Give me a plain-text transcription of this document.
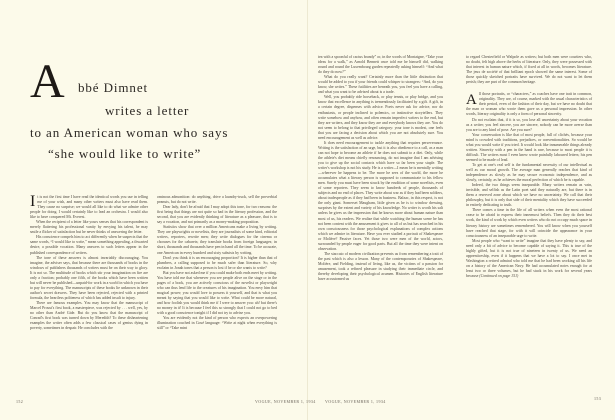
A bbé Dimnet
writes a letter
to an American woman who says
“she would like to write”
I t is not the first time I have read the identical words you use in telling me of your wish, and many other writers must also have read them. They cause no surprise; we would all like to do what we admire other people for doing. I would certainly like to lead an orchestra. I would also like to have conquered Mt. Everest.

When the recipient of a letter like yours senses that his correspondent is merely flattering his professional vanity by envying his talent, he may smile a flicker of satisfaction but he never thinks of answering the letter.

His conscience compels him to act differently when he suspects that the same words, “I would like to write,” mean something appealing, a thwarted desire, a possible vocation. Many answers to such letters appear in the published correspondence of writers.

The tone of these answers is almost invariably discouraging. You imagine, the adviser says, that because there are thousands of books in the windows of publishers thousands of writers must be on their way to glory. It is not so. The multitude of books which stir your imagination on fire are only a fraction; probably one fifth, of the books which have been written but will never be published—unpaid-for work in a world in which you have to pay for everything. The manuscripts of these books lie unknown in their author's secret drawers. They have been rejected, rejected with a printed formula, the heartless politeness of which has added insult to injury.

There are famous examples. You may know that the manuscript of Marcel Proust's first book, a masterpiece, was rejected by . . . well, yes, by no other than André Gide. But do you know that the manuscript of Conrad's first book was turned down by Meredith? To these disheartening examples the writer often adds a few classical cases of genius dying in poverty, sometimes in despair. He concludes with the

ominous admonition: do anything, drive a laundry-truck, sell the proverbial peanuts, but do not write.

Dear lady, don't be afraid that I may adopt this tone, for two reasons: the first being that things are not quite so bad in the literary profession, and the second, that you are evidently thinking of literature as a pleasure, that is to say a vocation, and not primarily as a money-making proposition.

Statistics show that over a million Americans make a living by writing. They are playwrights or novelists, they are journalists of some kind, editorial writers, reporters, rewrite men; they write dialogues for the cinema or choruses for the cabarets; they translate books from foreign languages; in short, thousands and thousands have pen in hand all the time. To be accurate, one American in every hundred and sixty subsists by writing.

Don't you think it is an encouraging proportion? It is higher than that of plumbers, a calling supposed to be much safer than literature. So, why exclaim in Jonah tones that a person is lost if he or she wants to write?

But you have not asked me if you could make both ends meet by writing. You have told me that whenever you see people alive on the stage or in the pages of a book, you are actively conscious of the novelist or playwright who can thus lend life to the creatures of his imagination. You envy him that magical power; you would love to possess it yourself, and that is what you meant by saying that you would like to write. What could be more natural, and how foolish you would think me if I were to answer you: ah! but there's no money in it! It is because I feel this so strongly that I could not go to bed with a good conscience tonight if I did not try to advise you.

You are evidently not the kind of person who expects an overpowering illumination couched in Coué language: “Write at night when everything is still” or “Take mint

tea with a spoonful of cactus brandy” or, in the words of Montaigne, “Take your ideas for a walk,” as Arnold Bennett once told me he himself did, walking round and round the Luxembourg garden repeatedly asking himself: “And what do they do now?”

What do you really want? Certainly more than the little distinction that would be added to you if your friends could whisper to strangers: “And, do you know, she writes.” These futilities are beneath you, you feel you have a calling, and what you want to be advised about is a trade.

Well, you probably ride horseback, or play tennis, or play bridge, and you know that excellence in anything is tremendously facilitated by a gift. A gift, in a certain degree, dispenses with advice. Poets never ask for advice, nor do enthusiasts, or people inclined to polemics, or instinctive storytellers. They write somehow and anyhow, and often remain imperfect writers to the end, but they are writers, and they know they are and everybody knows they are. You do not seem to belong to that privileged category: your tone is modest, one feels that you are facing a decision about which you are not absolutely sure. You need encouragement as well as advice.

It does need encouragement to tackle anything that requires perseverance. Writing is the satisfaction of an urge, but it is also obedience to a call, as a man can not hope to become an athlete if he does not submit to a diet. Only, while the athlete's diet means chiefly renouncing, do not imagine that I am advising you to give up the social contacts which have so far been your staple. The writer's workshop is not his study. He is a writer—I mean he is mentally writing—wherever he happens to be. The more he sees of the world, the more he accumulates what a literary person is supposed to communicate to his fellow men. Surely you must have been struck by the erudition of some novelists, even of some reporters. They seem to know hundreds of people, thousands of subjects and no end of places. They write about war as if they had been soldiers, about tradespeople as if they had been in business. Balzac, in this respect, is not the only giant. Somerset Maugham, little given as he is to window dressing, surprises by the extent and variety of his knowledge. No writer is worth his salt unless he gives us the impression that he knows more about human nature than most of us, his readers. We realize that while watching the human scene he has not been content with the amusement it gives to all of us but has searched in his own consciousness for those psychological explanations of complex actions which we admire in literature. Have you ever studied a portrait of Shakespeare or Molière? Passive faces. Yet those two were men of the world, actors, surrounded by people eager for good parts. But all the time they were intent on observation.

The staccato of modern civilization prevents us from remembering a trait of the past which is also a lesson. Many of the contemporaries of Shakespeare, Molière, and Fielding, instead of living, like us, the victims of a passion for amusement, took a refined pleasure in studying their immediate circle, and thereby developing their psychological acumen. Histories of English literature have accustomed us

to regard Chesterfield or Walpole as writers; but both men were courtiers who, no doubt, felt high above the herbs of literature. Only, they were possessed with that interest in human nature which, if fixed at all in words, becomes literature. The jeux de société of that brilliant epoch showed the same interest. Some of those quickly sketched portraits have survived. We do not want to let them perish; they are part of the common heritage.

A ll those portraits, or “characters,” as coaches have one trait in common, originality. They are, of course, marked with the usual characteristics of their period, even of the fashion of their day, but we have no doubt that the man or woman who wrote them gave us a personal impression. In other words, literary originality is only a form of personal sincerity.

Do not exclaim that, if it is so, you lose all uncertainty about your vocation as a writer; you feel sincere, you are sincere, nobody can be more averse than you are to any kind of pose. Are you sure?

Your conversation is like that of most people, full of clichés, because your mind is crowded with traditions, prejudices, or conventionalities. So would be what you would write if you tried. It would look like innumerable things already written. Sincerity with a pen in the hand is rare, because to most people it is difficult. The writers most I even knew wrote painfully laboured letters; his pen seemed to be made of lead.

To get at one's real self is the fundamental necessity of our intellectual as well as our moral growth. The average man generally reaches that kind of independence as slowly as he may secure economic independence, and as slowly, certainly, as he achieves the moral perfection of which he is capable.

Indeed, the two things seem inseparable. Many writers remain as vain, invisible, and selfish as the Latin poet said they naturally are, but there is in them a reserved zone about which we have no uncertainty. We call that their philosophy, but it is only that side of their mentality which they have succeeded in entirely dedicating to truth.

There comes a time in the life of all writers when even the most rational cease to be afraid to express their innermost beliefs. Then they do their best work, the kind of work by which even writers who do not occupy much space in literary history are sometimes remembered. You will know when you yourself have reached that stage, for with it will coincide the appearance in your consciousness of an inseparable urge to write.

Most people who “want to write” imagine that they have plenty to say, and need only a bit of advice to become capable of saying it. This is true of the highly gifted, but it is not true of nineteen in twenty of us. We need an apprenticeship, even if it happens that we have a lot to say. I once met in Washington a retired admiral who told me that he had been working all his life on a history of the American Navy. He had accumulated notes enough for at least two or three volumes, but he had stuck in his work for several years because (Continued on page 151)

152	VOGUE, NOVEMBER 1, 1934 VOGUE, NOVEMBER 1, 1934
153
